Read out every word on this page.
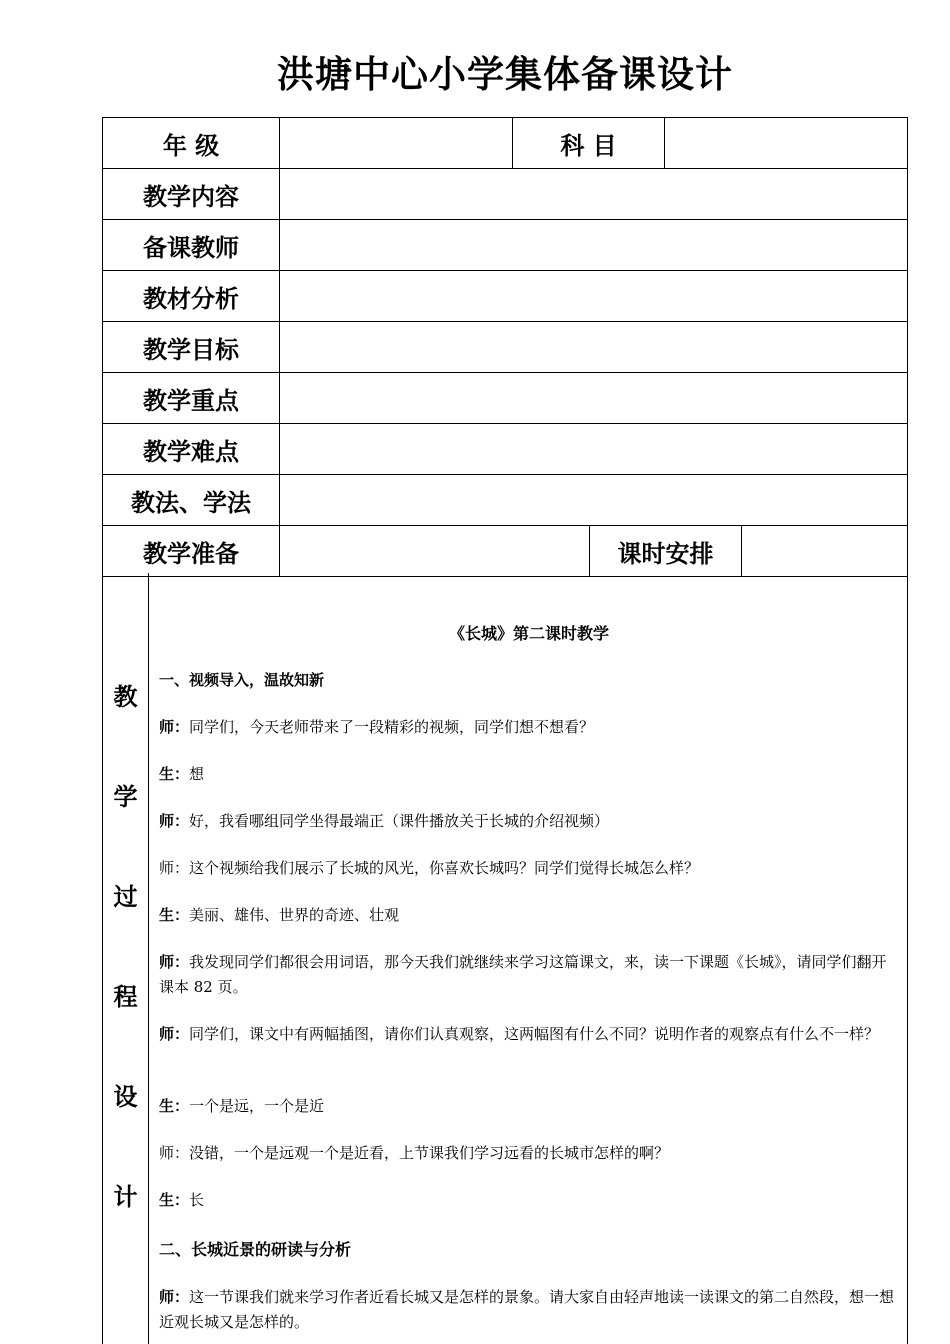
洪塘中心小学集体备课设计
年 级	科 目
教学内容
备课教师
教材分析
教学目标
教学重点
教学难点
教法、学法
教学准备	课时安排
教
学
过
程
设
计
《长城》第二课时教学
一、视频导入，温故知新
师：同学们，今天老师带来了一段精彩的视频，同学们想不想看？
生：想
师：好，我看哪组同学坐得最端正（课件播放关于长城的介绍视频）
师：这个视频给我们展示了长城的风光，你喜欢长城吗？同学们觉得长城怎么样？
生：美丽、雄伟、世界的奇迹、壮观
师：我发现同学们都很会用词语，那今天我们就继续来学习这篇课文，来，读一下课题《长城》，请同学们翻开课本 82 页。
师：同学们，课文中有两幅插图，请你们认真观察，这两幅图有什么不同？说明作者的观察点有什么不一样？
生：一个是远，一个是近
师：没错，一个是远观一个是近看，上节课我们学习远看的长城市怎样的啊？
生：长
二、长城近景的研读与分析
师：这一节课我们就来学习作者近看长城又是怎样的景象。请大家自由轻声地读一读课文的第二自然段，想一想近观长城又是怎样的。
